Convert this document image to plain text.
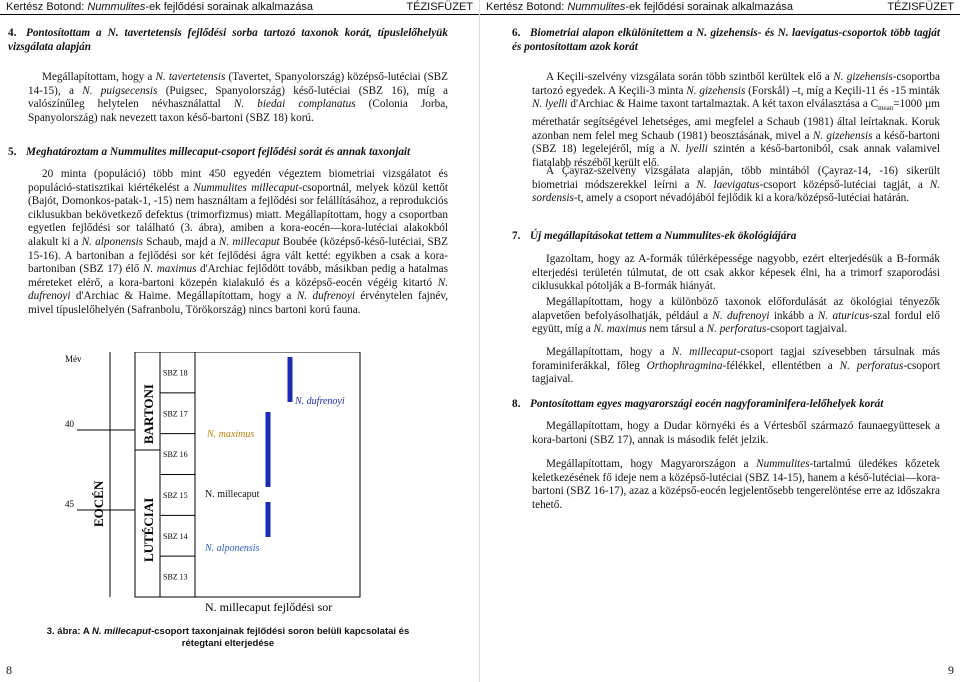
Kertész Botond: Nummulites-ek fejlődési sorainak alkalmazása	TÉZISFÜZET
4. Pontosítottam a N. tavertetensis fejlődési sorba tartozó taxonok korát, típuslelőhelyük vizsgálata alapján
Megállapítottam, hogy a N. tavertetensis (Tavertet, Spanyolország) középső-lutéciai (SBZ 14-15), a N. puigsecensis (Puigsec, Spanyolország) késő-lutéciai (SBZ 16), míg a valószínűleg helytelen névhasználattal N. biedai complanatus (Colonia Jorba, Spanyolország) nak nevezett taxon késő-bartoni (SBZ 18) korú.
5. Meghatároztam a Nummulites millecaput-csoport fejlődési sorát és annak taxonjait
20 minta (populáció) több mint 450 egyedén végeztem biometriai vizsgálatot és populáció-statisztikai kiértékelést a Nummulites millecaput-csoportnál, melyek közül kettőt (Bajót, Domonkos-patak-1, -15) nem használtam a fejlődési sor felállításához, a reprodukciós ciklusukban bekövetkező defektus (trimorfizmus) miatt. Megállapítottam, hogy a csoportban egyetlen fejlődési sor található (3. ábra), amiben a kora-eocén—kora-lutéciai alakokból alakult ki a N. alponensis Schaub, majd a N. millecaput Boubée (középső-késő-lutéciai, SBZ 15-16). A bartoniban a fejlődési sor két fejlődési ágra vált ketté: egyikben a csak a kora-bartoniban (SBZ 17) élő N. maximus d'Archiac fejlődött tovább, másikban pedig a hatalmas méreteket elérő, a kora-bartoni közepén kialakuló és a középső-eocén végéig kitartó N. dufrenoyi d'Archiac & Haime. Megállapítottam, hogy a N. dufrenoyi érvénytelen fajnév, mivel típuslelőhelyén (Safranbolu, Törökország) nincs bartoni korú fauna.
Mév
40
45 EOCÉN
BARTONI
LUTÉCIAI
SBZ 18
SBZ 17
SBZ 16
SBZ 15
SBZ 14
SBZ 13
N. dufrenoyi
N. maximus
N. millecaput
N. alponensis
N. millecaput fejlődési sor
3. ábra: A N. millecaput-csoport taxonjainak fejlődési soron belüli kapcsolatai és rétegtani elterjedése
8
Kertész Botond: Nummulites-ek fejlődési sorainak alkalmazása	TÉZISFÜZET
6. Biometriai alapon elkülönítettem a N. gizehensis- és N. laevigatus-csoportok több tagját és pontosítottam azok korát
A Keçili-szelvény vizsgálata során több szintből kerültek elő a N. gizehensis-csoportba tartozó egyedek. A Keçili-3 minta N. gizehensis (Forskål) –t, míg a Keçili-11 és -15 minták N. lyelli d'Archiac & Haime taxont tartalmaztak. A két taxon elválasztása a $C_{mean}=1000$ µm mérethatár segítségével lehetséges, ami megfelel a Schaub (1981) által leírtaknak. Koruk azonban nem felel meg Schaub (1981) beosztásának, mivel a N. gizehensis a késő-bartoni (SBZ 18) legelejéről, míg a N. lyelli szintén a késő-bartoniból, csak annak valamivel fiatalabb részéből került elő.
A Çayraz-szelvény vizsgálata alapján, több mintából (Çayraz-14, -16) sikerült biometriai módszerekkel leírni a N. laevigatus-csoport középső-lutéciai tagját, a N. sordensis-t, amely a csoport névadójából fejlődik ki a kora/középső-lutéciai határán.
7. Új megállapításokat tettem a Nummulites-ek ökológiájára
Igazoltam, hogy az A-formák túlérképessége nagyobb, ezért elterjedésük a B-formák elterjedési területén túlmutat, de ott csak akkor képesek élni, ha a trimorf szaporodási ciklusukkal pótolják a B-formák hiányát.
Megállapítottam, hogy a különböző taxonok előfordulását az ökológiai tényezők alapvetően befolyásolhatják, például a N. dufrenoyi inkább a N. aturicus-szal fordul elő együtt, míg a N. maximus nem társul a N. perforatus-csoport tagjaival.
Megállapítottam, hogy a N. millecaput-csoport tagjai szívesebben társulnak más foraminiferákkal, főleg Orthophragmina-félékkel, ellentétben a N. perforatus-csoport tagjaival.
8. Pontosítottam egyes magyarországi eocén nagyforaminifera-lelőhelyek korát
Megállapítottam, hogy a Dudar környéki és a Vértesből származó faunaegyüttesek a kora-bartoni (SBZ 17), annak is második felét jelzik.
Megállapítottam, hogy Magyarországon a Nummulites-tartalmú üledékes kőzetek keletkezésének fő ideje nem a középső-lutéciai (SBZ 14-15), hanem a késő-lutéciai—kora-bartoni (SBZ 16-17), azaz a középső-eocén legjelentősebb tengerelöntése erre az időszakra tehető.
9
